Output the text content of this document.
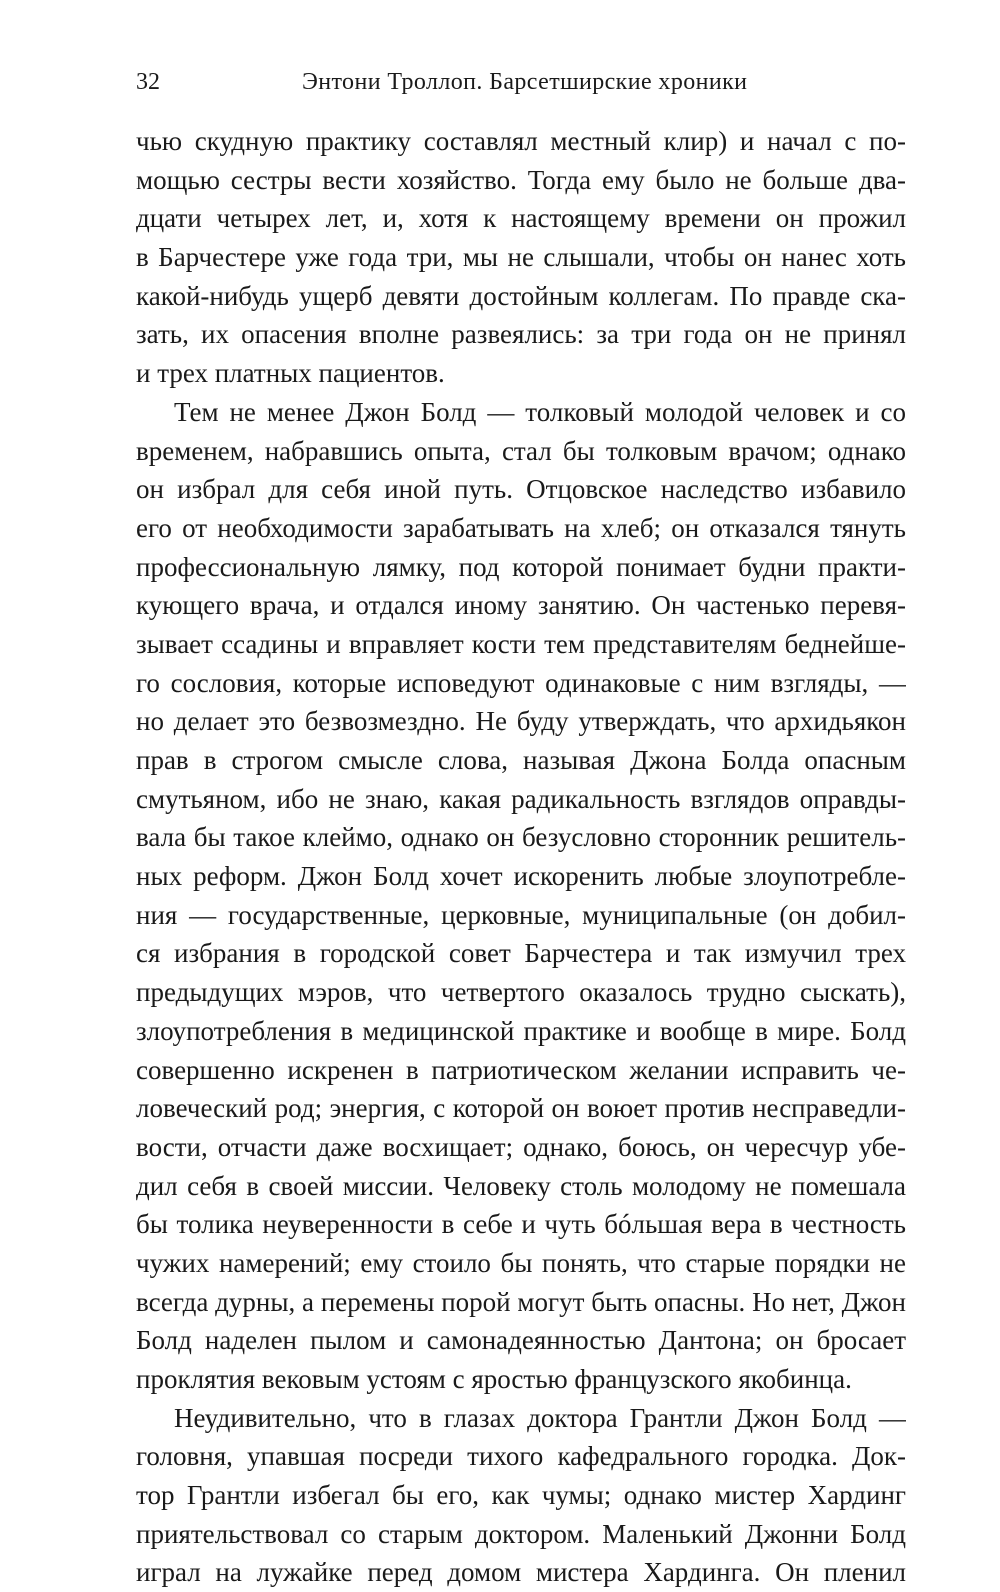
32	Энтони Троллоп. Барсетширские хроники
чью скудную практику составлял местный клир) и начал с по-
мощью сестры вести хозяйство. Тогда ему было не больше два-
дцати четырех лет, и, хотя к настоящему времени он прожил
в Барчестере уже года три, мы не слышали, чтобы он нанес хоть
какой-нибудь ущерб девяти достойным коллегам. По правде ска-
зать, их опасения вполне развеялись: за три года он не принял
и трех платных пациентов.
Тем не менее Джон Болд — толковый молодой человек и со
временем, набравшись опыта, стал бы толковым врачом; однако
он избрал для себя иной путь. Отцовское наследство избавило
его от необходимости зарабатывать на хлеб; он отказался тянуть
профессиональную лямку, под которой понимает будни практи-
кующего врача, и отдался иному занятию. Он частенько перевя-
зывает ссадины и вправляет кости тем представителям беднейше-
го сословия, которые исповедуют одинаковые с ним взгляды, —
но делает это безвозмездно. Не буду утверждать, что архидьякон
прав в строгом смысле слова, называя Джона Болда опасным
смутьяном, ибо не знаю, какая радикальность взглядов оправды-
вала бы такое клеймо, однако он безусловно сторонник решитель-
ных реформ. Джон Болд хочет искоренить любые злоупотребле-
ния — государственные, церковные, муниципальные (он добил-
ся избрания в городской совет Барчестера и так измучил трех
предыдущих мэров, что четвертого оказалось трудно сыскать),
злоупотребления в медицинской практике и вообще в мире. Болд
совершенно искренен в патриотическом желании исправить че-
ловеческий род; энергия, с которой он воюет против несправедли-
вости, отчасти даже восхищает; однако, боюсь, он чересчур убе-
дил себя в своей миссии. Человеку столь молодому не помешала
бы толика неуверенности в себе и чуть бóльшая вера в честность
чужих намерений; ему стоило бы понять, что старые порядки не
всегда дурны, а перемены порой могут быть опасны. Но нет, Джон
Болд наделен пылом и самонадеянностью Дантона; он бросает
проклятия вековым устоям с яростью французского якобинца.
Неудивительно, что в глазах доктора Грантли Джон Болд —
головня, упавшая посреди тихого кафедрального городка. Док-
тор Грантли избегал бы его, как чумы; однако мистер Хардинг
приятельствовал со старым доктором. Маленький Джонни Болд
играл на лужайке перед домом мистера Хардинга. Он пленил
